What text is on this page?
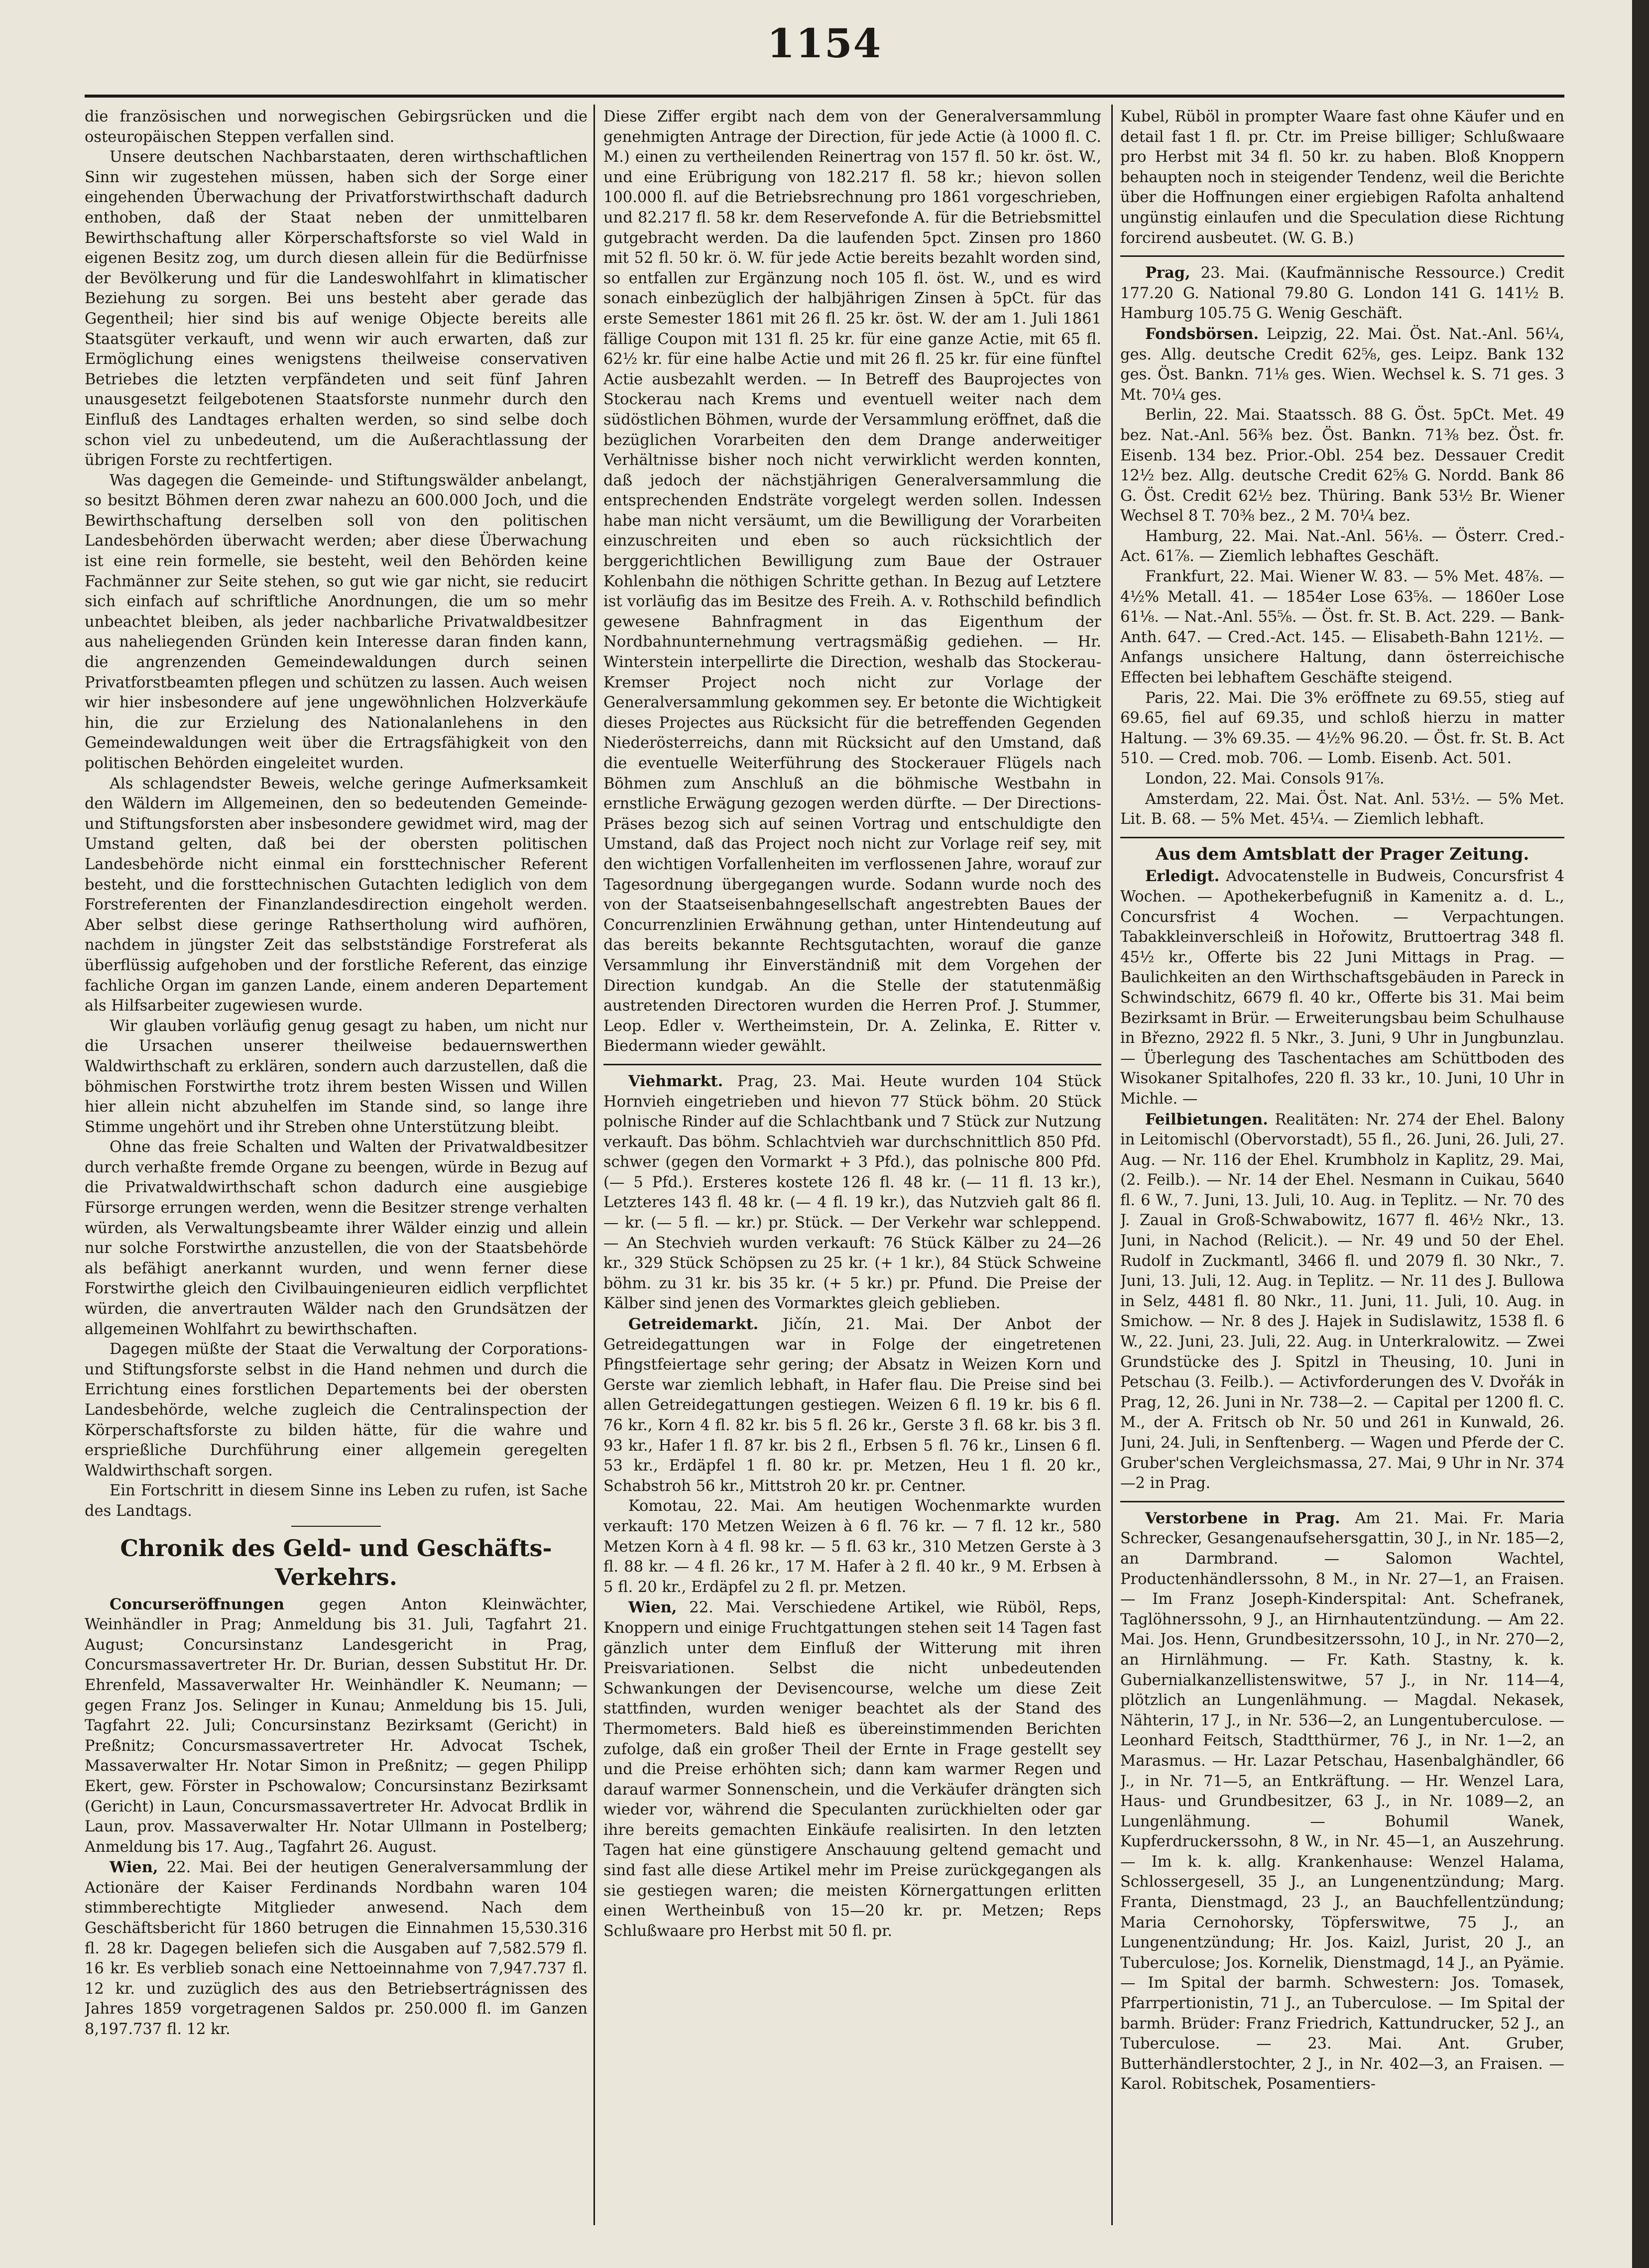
1154

die französischen und norwegischen Gebirgsrücken und die osteuropäischen Steppen verfallen sind.

Unsere deutschen Nachbarstaaten, deren wirthschaftlichen Sinn wir zugestehen müssen, haben sich der Sorge einer eingehenden Überwachung der Privatforstwirthschaft dadurch enthoben, daß der Staat neben der unmittelbaren Bewirthschaftung aller Körperschaftsforste so viel Wald in eigenen Besitz zog, um durch diesen allein für die Bedürfnisse der Bevölkerung und für die Landeswohlfahrt in klimatischer Beziehung zu sorgen. Bei uns besteht aber gerade das Gegentheil; hier sind bis auf wenige Objecte bereits alle Staatsgüter verkauft, und wenn wir auch erwarten, daß zur Ermöglichung eines wenigstens theilweise conservativen Betriebes die letzten verpfändeten und seit fünf Jahren unausgesetzt feilgebotenen Staatsforste nunmehr durch den Einfluß des Landtages erhalten werden, so sind selbe doch schon viel zu unbedeutend, um die Außerachtlassung der übrigen Forste zu rechtfertigen.

Was dagegen die Gemeinde- und Stiftungswälder anbelangt, so besitzt Böhmen deren zwar nahezu an 600.000 Joch, und die Bewirthschaftung derselben soll von den politischen Landesbehörden überwacht werden; aber diese Überwachung ist eine rein formelle, sie besteht, weil den Behörden keine Fachmänner zur Seite stehen, so gut wie gar nicht, sie reducirt sich einfach auf schriftliche Anordnungen, die um so mehr unbeachtet bleiben, als jeder nachbarliche Privatwaldbesitzer aus naheliegenden Gründen kein Interesse daran finden kann, die angrenzenden Gemeindewaldungen durch seinen Privatforstbeamten pflegen und schützen zu lassen. Auch weisen wir hier insbesondere auf jene ungewöhnlichen Holzverkäufe hin, die zur Erzielung des Nationalanlehens in den Gemeindewaldungen weit über die Ertragsfähigkeit von den politischen Behörden eingeleitet wurden.

Als schlagendster Beweis, welche geringe Aufmerksamkeit den Wäldern im Allgemeinen, den so bedeutenden Gemeinde- und Stiftungsforsten aber insbesondere gewidmet wird, mag der Umstand gelten, daß bei der obersten politischen Landesbehörde nicht einmal ein forsttechnischer Referent besteht, und die forsttechnischen Gutachten lediglich von dem Forstreferenten der Finanzlandesdirection eingeholt werden. Aber selbst diese geringe Rathsertholung wird aufhören, nachdem in jüngster Zeit das selbstständige Forstreferat als überflüssig aufgehoben und der forstliche Referent, das einzige fachliche Organ im ganzen Lande, einem anderen Departement als Hilfsarbeiter zugewiesen wurde.

Wir glauben vorläufig genug gesagt zu haben, um nicht nur die Ursachen unserer theilweise bedauernswerthen Waldwirthschaft zu erklären, sondern auch darzustellen, daß die böhmischen Forstwirthe trotz ihrem besten Wissen und Willen hier allein nicht abzuhelfen im Stande sind, so lange ihre Stimme ungehört und ihr Streben ohne Unterstützung bleibt.

Ohne das freie Schalten und Walten der Privatwaldbesitzer durch verhaßte fremde Organe zu beengen, würde in Bezug auf die Privatwaldwirthschaft schon dadurch eine ausgiebige Fürsorge errungen werden, wenn die Besitzer strenge verhalten würden, als Verwaltungsbeamte ihrer Wälder einzig und allein nur solche Forstwirthe anzustellen, die von der Staatsbehörde als befähigt anerkannt wurden, und wenn ferner diese Forstwirthe gleich den Civilbauingenieuren eidlich verpflichtet würden, die anvertrauten Wälder nach den Grundsätzen der allgemeinen Wohlfahrt zu bewirthschaften.

Dagegen müßte der Staat die Verwaltung der Corporations- und Stiftungsforste selbst in die Hand nehmen und durch die Errichtung eines forstlichen Departements bei der obersten Landesbehörde, welche zugleich die Centralinspection der Körperschaftsforste zu bilden hätte, für die wahre und ersprießliche Durchführung einer allgemein geregelten Waldwirthschaft sorgen.

Ein Fortschritt in diesem Sinne ins Leben zu rufen, ist Sache des Landtags.

Chronik des Geld- und Geschäfts-Verkehrs.

Concurseröffnungen gegen Anton Kleinwächter, Weinhändler in Prag; Anmeldung bis 31. Juli, Tagfahrt 21. August; Concursinstanz Landesgericht in Prag, Concursmassavertreter Hr. Dr. Burian, dessen Substitut Hr. Dr. Ehrenfeld, Massaverwalter Hr. Weinhändler K. Neumann; — gegen Franz Jos. Selinger in Kunau; Anmeldung bis 15. Juli, Tagfahrt 22. Juli; Concursinstanz Bezirksamt (Gericht) in Preßnitz; Concursmassavertreter Hr. Advocat Tschek, Massaverwalter Hr. Notar Simon in Preßnitz; — gegen Philipp Ekert, gew. Förster in Pschowalow; Concursinstanz Bezirksamt (Gericht) in Laun, Concursmassavertreter Hr. Advocat Brdlik in Laun, prov. Massaverwalter Hr. Notar Ullmann in Postelberg; Anmeldung bis 17. Aug., Tagfahrt 26. August.

Wien, 22. Mai. Bei der heutigen Generalversammlung der Actionäre der Kaiser Ferdinands Nordbahn waren 104 stimmberechtigte Mitglieder anwesend. Nach dem Geschäftsbericht für 1860 betrugen die Einnahmen 15,530.316 fl. 28 kr. Dagegen beliefen sich die Ausgaben auf 7,582.579 fl. 16 kr. Es verblieb sonach eine Nettoeinnahme von 7,947.737 fl. 12 kr. und zuzüglich des aus den Betriebsertrágnissen des Jahres 1859 vorgetragenen Saldos pr. 250.000 fl. im Ganzen 8,197.737 fl. 12 kr.

Diese Ziffer ergibt nach dem von der Generalversammlung genehmigten Antrage der Direction, für jede Actie (à 1000 fl. C. M.) einen zu vertheilenden Reinertrag von 157 fl. 50 kr. öst. W., und eine Erübrigung von 182.217 fl. 58 kr.; hievon sollen 100.000 fl. auf die Betriebsrechnung pro 1861 vorgeschrieben, und 82.217 fl. 58 kr. dem Reservefonde A. für die Betriebsmittel gutgebracht werden. Da die laufenden 5pct. Zinsen pro 1860 mit 52 fl. 50 kr. ö. W. für jede Actie bereits bezahlt worden sind, so entfallen zur Ergänzung noch 105 fl. öst. W., und es wird sonach einbezüglich der halbjährigen Zinsen à 5pCt. für das erste Semester 1861 mit 26 fl. 25 kr. öst. W. der am 1. Juli 1861 fällige Coupon mit 131 fl. 25 kr. für eine ganze Actie, mit 65 fl. 62½ kr. für eine halbe Actie und mit 26 fl. 25 kr. für eine fünftel Actie ausbezahlt werden. — In Betreff des Bauprojectes von Stockerau nach Krems und eventuell weiter nach dem südöstlichen Böhmen, wurde der Versammlung eröffnet, daß die bezüglichen Vorarbeiten den dem Drange anderweitiger Verhältnisse bisher noch nicht verwirklicht werden konnten, daß jedoch der nächstjährigen Generalversammlung die entsprechenden Endsträte vorgelegt werden sollen. Indessen habe man nicht versäumt, um die Bewilligung der Vorarbeiten einzuschreiten und eben so auch rücksichtlich der berggerichtlichen Bewilligung zum Baue der Ostrauer Kohlenbahn die nöthigen Schritte gethan. In Bezug auf Letztere ist vorläufig das im Besitze des Freih. A. v. Rothschild befindlich gewesene Bahnfragment in das Eigenthum der Nordbahnunternehmung vertragsmäßig gediehen. — Hr. Winterstein interpellirte die Direction, weshalb das Stockerau-Kremser Project noch nicht zur Vorlage der Generalversammlung gekommen sey. Er betonte die Wichtigkeit dieses Projectes aus Rücksicht für die betreffenden Gegenden Niederösterreichs, dann mit Rücksicht auf den Umstand, daß die eventuelle Weiterführung des Stockerauer Flügels nach Böhmen zum Anschluß an die böhmische Westbahn in ernstliche Erwägung gezogen werden dürfte. — Der Directions-Präses bezog sich auf seinen Vortrag und entschuldigte den Umstand, daß das Project noch nicht zur Vorlage reif sey, mit den wichtigen Vorfallenheiten im verflossenen Jahre, worauf zur Tagesordnung übergegangen wurde. Sodann wurde noch des von der Staatseisenbahngesellschaft angestrebten Baues der Concurrenzlinien Erwähnung gethan, unter Hintendeutung auf das bereits bekannte Rechtsgutachten, worauf die ganze Versammlung ihr Einverständniß mit dem Vorgehen der Direction kundgab. An die Stelle der statutenmäßig austretenden Directoren wurden die Herren Prof. J. Stummer, Leop. Edler v. Wertheimstein, Dr. A. Zelinka, E. Ritter v. Biedermann wieder gewählt.

Viehmarkt. Prag, 23. Mai. Heute wurden 104 Stück Hornvieh eingetrieben und hievon 77 Stück böhm. 20 Stück polnische Rinder auf die Schlachtbank und 7 Stück zur Nutzung verkauft. Das böhm. Schlachtvieh war durchschnittlich 850 Pfd. schwer (gegen den Vormarkt + 3 Pfd.), das polnische 800 Pfd. (— 5 Pfd.). Ersteres kostete 126 fl. 48 kr. (— 11 fl. 13 kr.), Letzteres 143 fl. 48 kr. (— 4 fl. 19 kr.), das Nutzvieh galt 86 fl. — kr. (— 5 fl. — kr.) pr. Stück. — Der Verkehr war schleppend. — An Stechvieh wurden verkauft: 76 Stück Kälber zu 24—26 kr., 329 Stück Schöpsen zu 25 kr. (+ 1 kr.), 84 Stück Schweine böhm. zu 31 kr. bis 35 kr. (+ 5 kr.) pr. Pfund. Die Preise der Kälber sind jenen des Vormarktes gleich geblieben.

Getreidemarkt. Jičín, 21. Mai. Der Anbot der Getreidegattungen war in Folge der eingetretenen Pfingstfeiertage sehr gering; der Absatz in Weizen Korn und Gerste war ziemlich lebhaft, in Hafer flau. Die Preise sind bei allen Getreidegattungen gestiegen. Weizen 6 fl. 19 kr. bis 6 fl. 76 kr., Korn 4 fl. 82 kr. bis 5 fl. 26 kr., Gerste 3 fl. 68 kr. bis 3 fl. 93 kr., Hafer 1 fl. 87 kr. bis 2 fl., Erbsen 5 fl. 76 kr., Linsen 6 fl. 53 kr., Erdäpfel 1 fl. 80 kr. pr. Metzen, Heu 1 fl. 20 kr., Schabstroh 56 kr., Mittstroh 20 kr. pr. Centner.

Komotau, 22. Mai. Am heutigen Wochenmarkte wurden verkauft: 170 Metzen Weizen à 6 fl. 76 kr. — 7 fl. 12 kr., 580 Metzen Korn à 4 fl. 98 kr. — 5 fl. 63 kr., 310 Metzen Gerste à 3 fl. 88 kr. — 4 fl. 26 kr., 17 M. Hafer à 2 fl. 40 kr., 9 M. Erbsen à 5 fl. 20 kr., Erdäpfel zu 2 fl. pr. Metzen.

Wien, 22. Mai. Verschiedene Artikel, wie Rüböl, Reps, Knoppern und einige Fruchtgattungen stehen seit 14 Tagen fast gänzlich unter dem Einfluß der Witterung mit ihren Preisvariationen. Selbst die nicht unbedeutenden Schwankungen der Devisencourse, welche um diese Zeit stattfinden, wurden weniger beachtet als der Stand des Thermometers. Bald hieß es übereinstimmenden Berichten zufolge, daß ein großer Theil der Ernte in Frage gestellt sey und die Preise erhöhten sich; dann kam warmer Regen und darauf warmer Sonnenschein, und die Verkäufer drängten sich wieder vor, während die Speculanten zurückhielten oder gar ihre bereits gemachten Einkäufe realisirten. In den letzten Tagen hat eine günstigere Anschauung geltend gemacht und sind fast alle diese Artikel mehr im Preise zurückgegangen als sie gestiegen waren; die meisten Körnergattungen erlitten einen Wertheinbuß von 15—20 kr. pr. Metzen; Reps Schlußwaare pro Herbst mit 50 fl. pr.

Kubel, Rüböl in prompter Waare fast ohne Käufer und en detail fast 1 fl. pr. Ctr. im Preise billiger; Schlußwaare pro Herbst mit 34 fl. 50 kr. zu haben. Bloß Knoppern behaupten noch in steigender Tendenz, weil die Berichte über die Hoffnungen einer ergiebigen Rafolta anhaltend ungünstig einlaufen und die Speculation diese Richtung forcirend ausbeutet. (W. G. B.)

Prag, 23. Mai. (Kaufmännische Ressource.) Credit 177.20 G. National 79.80 G. London 141 G. 141½ B. Hamburg 105.75 G. Wenig Geschäft.

Fondsbörsen. Leipzig, 22. Mai. Öst. Nat.-Anl. 56¼, ges. Allg. deutsche Credit 62⅝, ges. Leipz. Bank 132 ges. Öst. Bankn. 71⅛ ges. Wien. Wechsel k. S. 71 ges. 3 Mt. 70¼ ges.

Berlin, 22. Mai. Staatssch. 88 G. Öst. 5pCt. Met. 49 bez. Nat.-Anl. 56⅜ bez. Öst. Bankn. 71⅜ bez. Öst. fr. Eisenb. 134 bez. Prior.-Obl. 254 bez. Dessauer Credit 12½ bez. Allg. deutsche Credit 62⅝ G. Nordd. Bank 86 G. Öst. Credit 62½ bez. Thüring. Bank 53½ Br. Wiener Wechsel 8 T. 70⅜ bez., 2 M. 70¼ bez.

Hamburg, 22. Mai. Nat.-Anl. 56⅛. — Österr. Cred.-Act. 61⅞. — Ziemlich lebhaftes Geschäft.

Frankfurt, 22. Mai. Wiener W. 83. — 5% Met. 48⅞. — 4½% Metall. 41. — 1854er Lose 63⅝. — 1860er Lose 61⅛. — Nat.-Anl. 55⅝. — Öst. fr. St. B. Act. 229. — Bank-Anth. 647. — Cred.-Act. 145. — Elisabeth-Bahn 121½. — Anfangs unsichere Haltung, dann österreichische Effecten bei lebhaftem Geschäfte steigend.

Paris, 22. Mai. Die 3% eröffnete zu 69.55, stieg auf 69.65, fiel auf 69.35, und schloß hierzu in matter Haltung. — 3% 69.35. — 4½% 96.20. — Öst. fr. St. B. Act 510. — Cred. mob. 706. — Lomb. Eisenb. Act. 501.

London, 22. Mai. Consols 91⅞.

Amsterdam, 22. Mai. Öst. Nat. Anl. 53½. — 5% Met. Lit. B. 68. — 5% Met. 45¼. — Ziemlich lebhaft.

Aus dem Amtsblatt der Prager Zeitung.

Erledigt. Advocatenstelle in Budweis, Concursfrist 4 Wochen. — Apothekerbefugniß in Kamenitz a. d. L., Concursfrist 4 Wochen. — Verpachtungen. Tabakkleinverschleiß in Hořowitz, Bruttoertrag 348 fl. 45½ kr., Offerte bis 22 Juni Mittags in Prag. — Baulichkeiten an den Wirthschaftsgebäuden in Pareck in Schwindschitz, 6679 fl. 40 kr., Offerte bis 31. Mai beim Bezirksamt in Brür. — Erweiterungsbau beim Schulhause in Březno, 2922 fl. 5 Nkr., 3. Juni, 9 Uhr in Jungbunzlau. — Überlegung des Taschentaches am Schüttboden des Wisokaner Spitalhofes, 220 fl. 33 kr., 10. Juni, 10 Uhr in Michle. —

Feilbietungen. Realitäten: Nr. 274 der Ehel. Balony in Leitomischl (Obervorstadt), 55 fl., 26. Juni, 26. Juli, 27. Aug. — Nr. 116 der Ehel. Krumbholz in Kaplitz, 29. Mai, (2. Feilb.). — Nr. 14 der Ehel. Nesmann in Cuikau, 5640 fl. 6 W., 7. Juni, 13. Juli, 10. Aug. in Teplitz. — Nr. 70 des J. Zaual in Groß-Schwabowitz, 1677 fl. 46½ Nkr., 13. Juni, in Nachod (Relicit.). — Nr. 49 und 50 der Ehel. Rudolf in Zuckmantl, 3466 fl. und 2079 fl. 30 Nkr., 7. Juni, 13. Juli, 12. Aug. in Teplitz. — Nr. 11 des J. Bullowa in Selz, 4481 fl. 80 Nkr., 11. Juni, 11. Juli, 10. Aug. in Smichow. — Nr. 8 des J. Hajek in Sudislawitz, 1538 fl. 6 W., 22. Juni, 23. Juli, 22. Aug. in Unterkralowitz. — Zwei Grundstücke des J. Spitzl in Theusing, 10. Juni in Petschau (3. Feilb.). — Activforderungen des V. Dvořák in Prag, 12, 26. Juni in Nr. 738—2. — Capital per 1200 fl. C. M., der A. Fritsch ob Nr. 50 und 261 in Kunwald, 26. Juni, 24. Juli, in Senftenberg. — Wagen und Pferde der C. Gruber'schen Vergleichsmassa, 27. Mai, 9 Uhr in Nr. 374—2 in Prag.

Verstorbene in Prag. Am 21. Mai. Fr. Maria Schrecker, Gesangenaufsehersgattin, 30 J., in Nr. 185—2, an Darmbrand. — Salomon Wachtel, Productenhändlerssohn, 8 M., in Nr. 27—1, an Fraisen. — Im Franz Joseph-Kinderspital: Ant. Schefranek, Taglöhnerssohn, 9 J., an Hirnhautentzündung. — Am 22. Mai. Jos. Henn, Grundbesitzerssohn, 10 J., in Nr. 270—2, an Hirnlähmung. — Fr. Kath. Stastny, k. k. Gubernialkanzellistenswitwe, 57 J., in Nr. 114—4, plötzlich an Lungenlähmung. — Magdal. Nekasek, Nähterin, 17 J., in Nr. 536—2, an Lungentuberculose. — Leonhard Feitsch, Stadtthürmer, 76 J., in Nr. 1—2, an Marasmus. — Hr. Lazar Petschau, Hasenbalghändler, 66 J., in Nr. 71—5, an Entkräftung. — Hr. Wenzel Lara, Haus- und Grundbesitzer, 63 J., in Nr. 1089—2, an Lungenlähmung. — Bohumil Wanek, Kupferdruckerssohn, 8 W., in Nr. 45—1, an Auszehrung. — Im k. k. allg. Krankenhause: Wenzel Halama, Schlossergesell, 35 J., an Lungenentzündung; Marg. Franta, Dienstmagd, 23 J., an Bauchfellentzündung; Maria Cernohorsky, Töpferswitwe, 75 J., an Lungenentzündung; Hr. Jos. Kaizl, Jurist, 20 J., an Tuberculose; Jos. Kornelik, Dienstmagd, 14 J., an Pyämie. — Im Spital der barmh. Schwestern: Jos. Tomasek, Pfarrpertionistin, 71 J., an Tuberculose. — Im Spital der barmh. Brüder: Franz Friedrich, Kattundrucker, 52 J., an Tuberculose. — 23. Mai. Ant. Gruber, Butterhändlerstochter, 2 J., in Nr. 402—3, an Fraisen. — Karol. Robitschek, Posamentiers-
